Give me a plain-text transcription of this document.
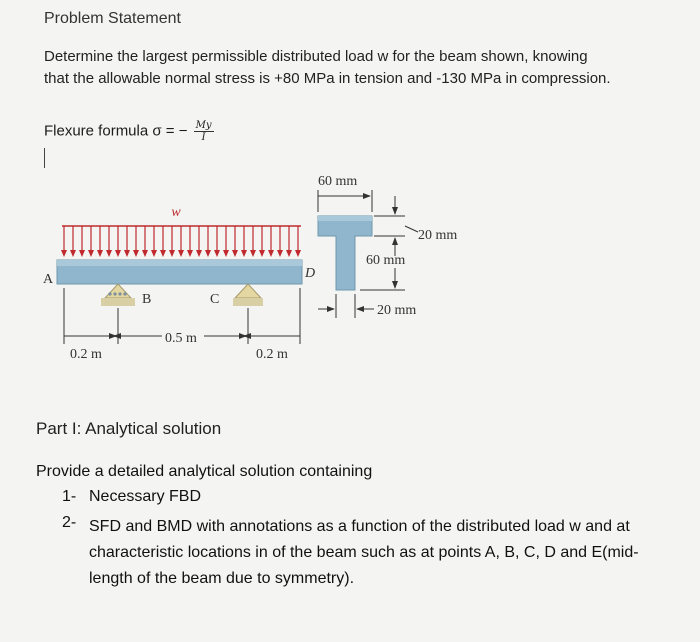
Problem Statement
Determine the largest permissible distributed load w for the beam shown, knowing
that the allowable normal stress is +80 MPa in tension and -130 MPa in compression.
Flexure formula σ = − $\frac{My}{I}$
w
A	D
B	C
0.2 m
0.5 m
0.2 m
60 mm
20 mm
60 mm
20 mm
Part I: Analytical solution
Provide a detailed analytical solution containing
1- Necessary FBD
2- SFD and BMD with annotations as a function of the distributed load w and at
characteristic locations in of the beam such as at points A, B, C, D and E(mid-
length of the beam due to symmetry).
